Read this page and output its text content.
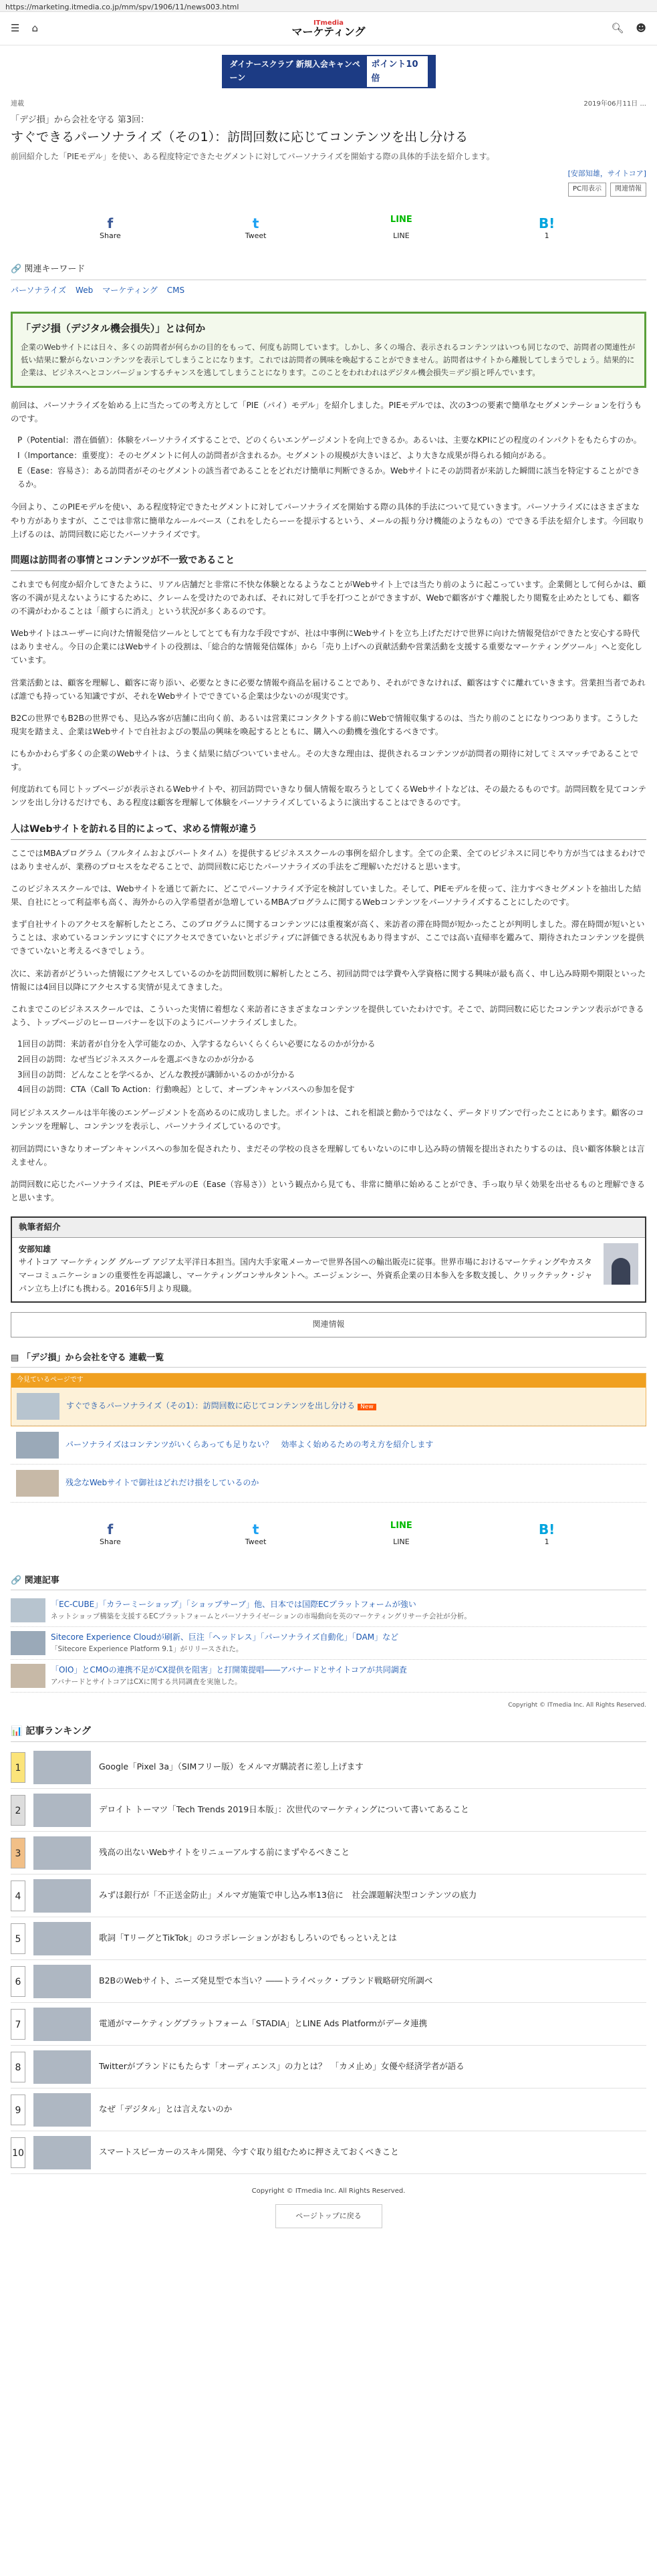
https://marketing.itmedia.co.jp/mm/spv/1906/11/news003.html
☰ ⌂	ITmedia
マーケティング	🔍︎ ☻
ダイナースクラブ 新規入会キャンペーン
ポイント10倍
連載	2019年06月11日 ...
「デジ損」から会社を守る 第3回：
すぐできるパーソナライズ（その1）：訪問回数に応じてコンテンツを出し分ける
前回紹介した「PIEモデル」を使い、ある程度特定できたセグメントに対してパーソナライズを開始する際の具体的手法を紹介します。
[安部知雄，サイトコア]
PC用表示	関連情報
f
Share
t
Tweet
LINE
LINE
B!
1
🔗 関連キーワード
パーソナライズ Web マーケティング CMS
「デジ損（デジタル機会損失）」とは何か

企業のWebサイトには日々、多くの訪問者が何らかの目的をもって、何度も訪問しています。しかし、多くの場合、表示されるコンテンツはいつも同じなので、訪問者の関連性が低い結果に繋がらないコンテンツを表示してしまうことになります。これでは訪問者の興味を喚起することができません。訪問者はサイトから離脱してしまうでしょう。結果的に企業は、ビジネスへとコンバージョンするチャンスを逃してしまうことになります。このことをわれわれはデジタル機会損失＝デジ損と呼んでいます。

前回は、パーソナライズを始める上に当たっての考え方として「PIE（パイ）モデル」を紹介しました。PIEモデルでは、次の3つの要素で簡単なセグメンテーションを行うものです。

P（Potential：潜在価値）：体験をパーソナライズすることで、どのくらいエンゲージメントを向上できるか。あるいは、主要なKPIにどの程度のインパクトをもたらすのか。
I（Importance：重要度）：そのセグメントに何人の訪問者が含まれるか。セグメントの規模が大きいほど、より大きな成果が得られる傾向がある。
E（Ease：容易さ）：ある訪問者がそのセグメントの該当者であることをどれだけ簡単に判断できるか。Webサイトにその訪問者が来訪した瞬間に該当を特定することができるか。

今回より、このPIEモデルを使い、ある程度特定できたセグメントに対してパーソナライズを開始する際の具体的手法について見ていきます。パーソナライズにはさまざまなやり方がありますが、ここでは非常に簡単なルールベース（これをしたらーーを提示するという、メールの振り分け機能のようなもの）でできる手法を紹介します。今回取り上げるのは、訪問回数に応じたパーソナライズです。

問題は訪問者の事情とコンテンツが不一致であること

これまでも何度か紹介してきたように、リアル店舗だと非常に不快な体験となるようなことがWebサイト上では当たり前のように起こっています。企業側として何らかは、顧客の不満が見えないようにするために、クレームを受けたのであれば、それに対して手を打つことができますが、Webで顧客がすぐ離脱したり閲覧を止めたとしても、顧客の不満がわかることは「顔すらに消え」という状況が多くあるのです。

Webサイトはユーザーに向けた情報発信ツールとしてとても有力な手段ですが、社は中事例にWebサイトを立ち上げただけで世界に向けた情報発信ができたと安心する時代はありません。今日の企業にはWebサイトの役割は、「総合的な情報発信媒体」から「売り上げへの貢献活動や営業活動を支援する重要なマーケティングツール」へと変化しています。

営業活動とは、顧客を理解し、顧客に寄り添い、必要なときに必要な情報や商品を届けることであり、それができなければ、顧客はすぐに離れていきます。営業担当者であれば誰でも持っている知識ですが、それをWebサイトでできている企業は少ないのが現実です。

B2Cの世界でもB2Bの世界でも、見込み客が店舗に出向く前、あるいは営業にコンタクトする前にWebで情報収集するのは、当たり前のことになりつつあります。こうした現実を踏まえ、企業はWebサイトで自社およびの製品の興味を喚起するとともに、購入への動機を強化するべきです。

にもかかわらず多くの企業のWebサイトは、うまく結果に結びついていません。その大きな理由は、提供されるコンテンツが訪問者の期待に対してミスマッチであることです。

何度訪れても同じトップページが表示されるWebサイトや、初回訪問でいきなり個人情報を取ろうとしてくるWebサイトなどは、その最たるものです。訪問回数を見てコンテンツを出し分けるだけでも、ある程度は顧客を理解して体験をパーソナライズしているように演出することはできるのです。

人はWebサイトを訪れる目的によって、求める情報が違う

ここではMBAプログラム（フルタイムおよびパートタイム）を提供するビジネススクールの事例を紹介します。全ての企業、全てのビジネスに同じやり方が当てはまるわけではありませんが、業務のプロセスをなぞることで、訪問回数に応じたパーソナライズの手法をご理解いただけると思います。

このビジネススクールでは、Webサイトを通じて新たに、どこでパーソナライズ予定を検討していました。そして、PIEモデルを使って、注力すべきセグメントを抽出した結果、自社にとって利益率も高く、海外からの入学希望者が急増しているMBAプログラムに関するWebコンテンツをパーソナライズすることにしたのです。

まず自社サイトのアクセスを解析したところ、このプログラムに関するコンテンツには重複案が高く、来訪者の滞在時間が短かったことが判明しました。滞在時間が短いということは、求めているコンテンツにすぐにアクセスできていないとポジティブに評価できる状況もあり得ますが、ここでは高い直帰率を鑑みて、期待されたコンテンツを提供できていないと考えるべきでしょう。

次に、来訪者がどういった情報にアクセスしているのかを訪問回数別に解析したところ、初回訪問では学費や入学資格に関する興味が最も高く、申し込み時期や期限といった情報には4回目以降にアクセスする実情が見えてきました。

これまでこのビジネススクールでは、こういった実情に着想なく来訪者にさまざまなコンテンツを提供していたわけです。そこで、訪問回数に応じたコンテンツ表示ができるよう、トップページのヒーローバナーを以下のようにパーソナライズしました。

1回目の訪問：来訪者が自分を入学可能なのか、入学するならいくらくらい必要になるのかが分かる
2回目の訪問：なぜ当ビジネススクールを選ぶべきなのかが分かる
3回目の訪問：どんなことを学べるか、どんな教授が講師かいるのかが分かる
4回目の訪問：CTA（Call To Action：行動喚起）として、オープンキャンパスへの参加を促す

同ビジネススクールは半年後のエンゲージメントを高めるのに成功しました。ポイントは、これを相談と動かうではなく、データドリブンで行ったことにあります。顧客のコンテンツを理解し、コンテンツを表示し、パーソナライズしているのです。

初回訪問にいきなりオープンキャンパスへの参加を促されたり、まだその学校の良さを理解してもいないのに申し込み時の情報を提出されたりするのは、良い顧客体験とは言えません。

訪問回数に応じたパーソナライズは、PIEモデルのE（Ease（容易さ））という観点から見ても、非常に簡単に始めることができ、手っ取り早く効果を出せるものと理解できると思います。

執筆者紹介
安部知雄
サイトコア マーケティング グループ アジア太平洋日本担当。国内大手家電メーカーで世界各国への輸出販売に従事。世界市場におけるマーケティングやカスタマーコミュニケーションの重要性を再認識し、マーケティングコンサルタントへ。エージェンシー、外資系企業の日本参入を多数支援し、クリックテック・ジャパン立ち上げにも携わる。2016年5月より現職。
関連情報
▤ 「デジ損」から会社を守る 連載一覧
今見ているページです
すぐできるパーソナライズ（その1）：訪問回数に応じてコンテンツを出し分ける New
パーソナライズはコンテンツがいくらあっても足りない？　効率よく始めるための考え方を紹介します
残念なWebサイトで御社はどれだけ損をしているのか
f
Share
t
Tweet
LINE
LINE
B!
1
🔗 関連記事
「EC-CUBE」「カラーミーショップ」「ショップサーブ」他、日本では国際ECプラットフォームが強い
ネットショップ構築を支援するECプラットフォームとパーソナライゼーションの市場動向を英のマーケティングリサーチ会社が分析。
Sitecore Experience Cloudが刷新、巨注「ヘッドレス」「パーソナライズ自動化」「DAM」など
「Sitecore Experience Platform 9.1」がリリースされた。
「OIO」とCMOの連携不足がCX提供を阻害」と打開策提唱――アバナードとサイトコアが共同調査
アバナードとサイトコアはCXに関する共同調査を実施した。
Copyright © ITmedia Inc. All Rights Reserved.
📊 記事ランキング
1	Google「Pixel 3a」（SIMフリー版）をメルマガ購読者に差し上げます
2	デロイト トーマツ「Tech Trends 2019日本版」：次世代のマーケティングについて書いてあること
3	残高の出ないWebサイトをリニューアルする前にまずやるべきこと
4	みずほ銀行が「不正送金防止」メルマガ施策で申し込み率13倍に　社会課題解決型コンテンツの底力
5	歌詞「TリーグとTikTok」のコラボレーションがおもしろいのでもっといえとは
6	B2BのWebサイト、ニーズ発見型で本当い？――トライベック・ブランド戦略研究所調べ
7	電通がマーケティングプラットフォーム「STADIA」とLINE Ads Platformがデータ連携
8	Twitterがブランドにもたらす「オーディエンス」の力とは？　「カメ止め」女優や経済学者が語る
9	なぜ「デジタル」とは言えないのか
10	スマートスピーカーのスキル開発、今すぐ取り組むために押さえておくべきこと
Copyright © ITmedia Inc. All Rights Reserved.
ページトップに戻る
